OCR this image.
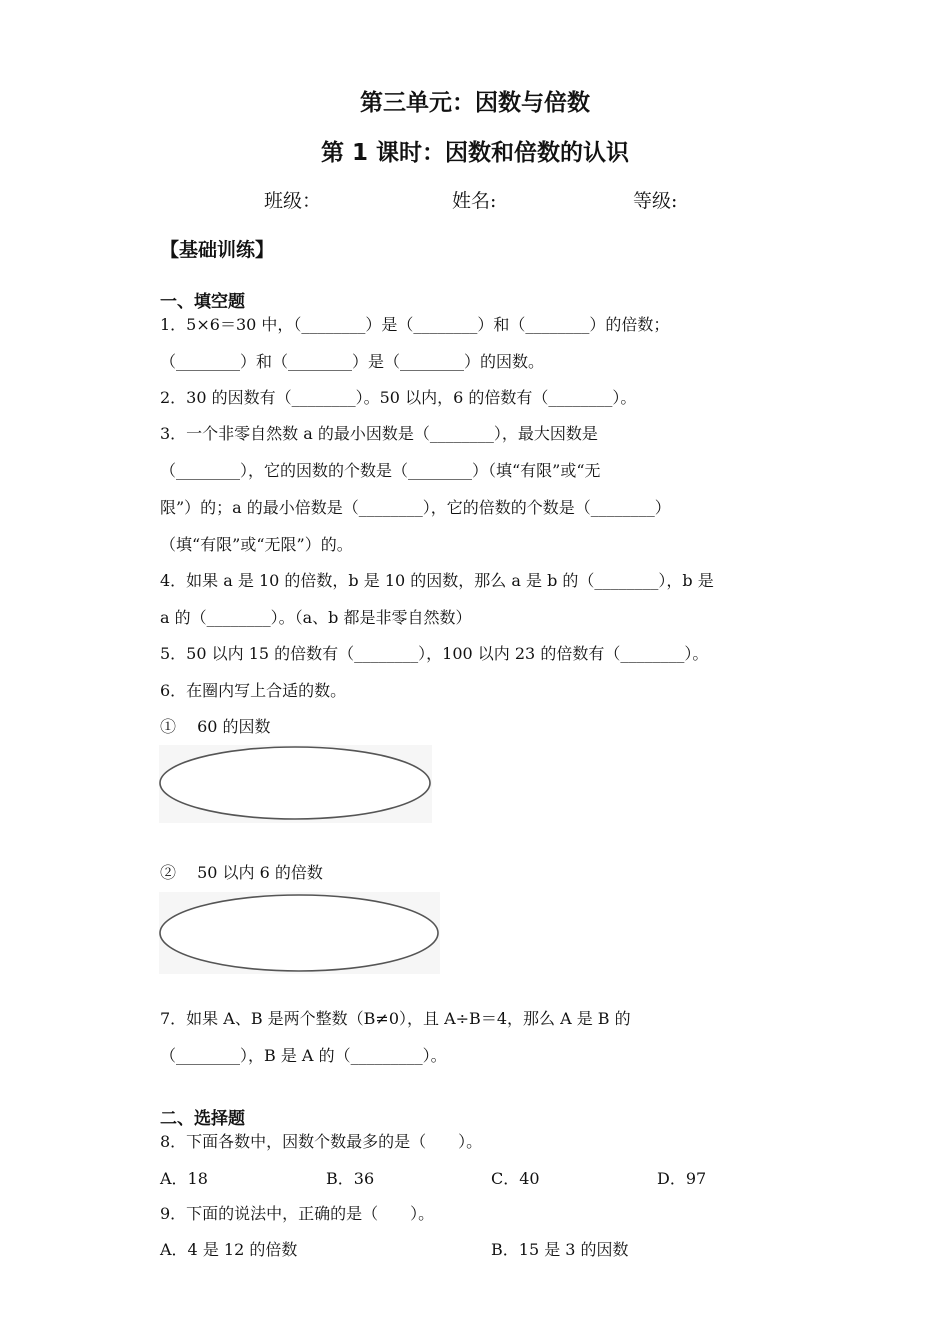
第三单元：因数与倍数
第 1 课时：因数和倍数的认识
班级：	姓名:	等级:
【基础训练】
一、填空题
1．5×6＝30 中，（________）是（________）和（________）的倍数；
（________）和（________）是（________）的因数。
2．30 的因数有（________）。50 以内，6 的倍数有（________）。
3．一个非零自然数 a 的最小因数是（________），最大因数是
（________），它的因数的个数是（________）（填“有限”或“无
限”）的；a 的最小倍数是（________），它的倍数的个数是（________）
（填“有限”或“无限”）的。
4．如果 a 是 10 的倍数，b 是 10 的因数，那么 a 是 b 的（________），b 是
a 的（________）。（a、b 都是非零自然数）
5．50 以内 15 的倍数有（________），100 以内 23 的倍数有（________）。
6．在圈内写上合适的数。
①　 60 的因数
②　 50 以内 6 的倍数
7．如果 A、B 是两个整数（B≠0），且 A÷B＝4，那么 A 是 B 的
（________），B 是 A 的（_________）。
二、选择题
8．下面各数中，因数个数最多的是（　　）。
A．18	B．36	C．40	D．97
9．下面的说法中，正确的是（　　）。
A．4 是 12 的倍数	B．15 是 3 的因数
